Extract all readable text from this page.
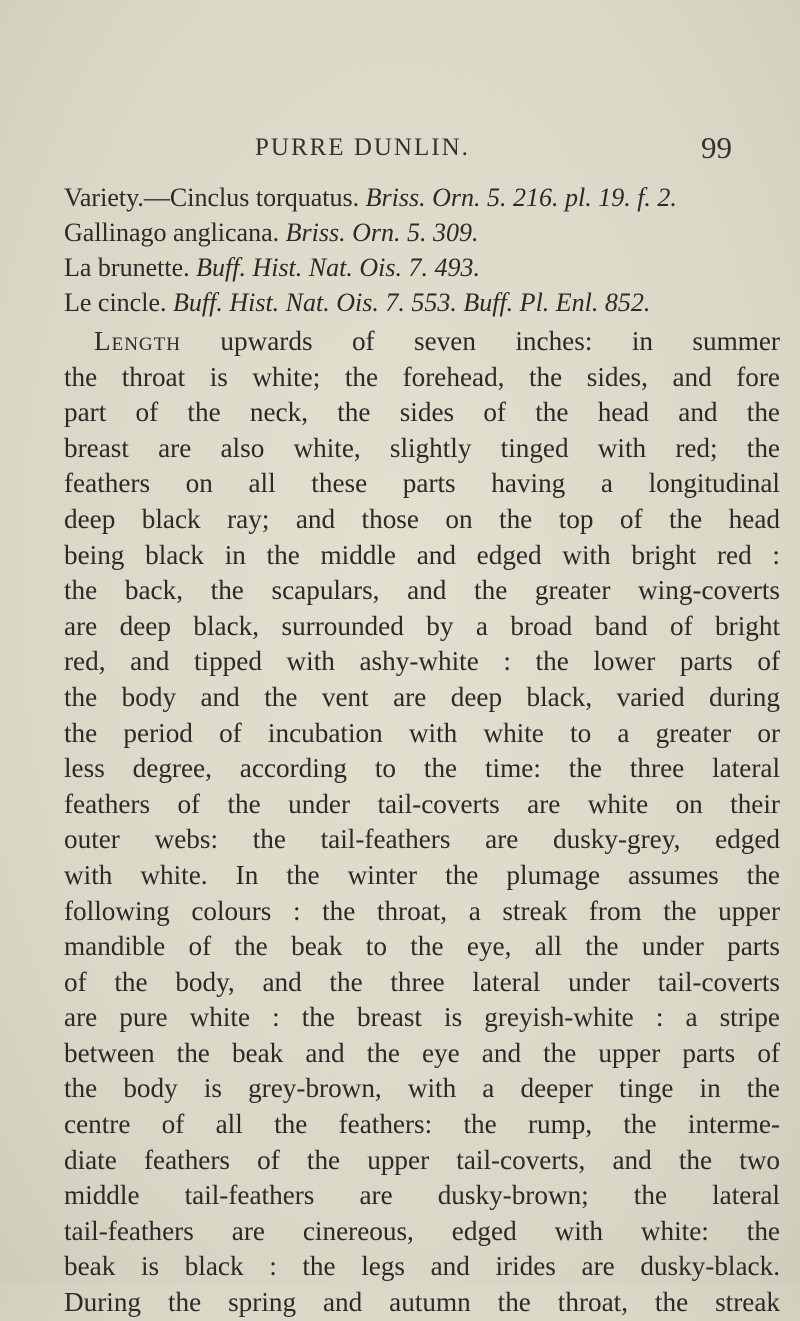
PURRE DUNLIN.	99
Variety.—Cinclus torquatus. Briss. Orn. 5. 216. pl. 19. f. 2.
Gallinago anglicana. Briss. Orn. 5. 309.
La brunette. Buff. Hist. Nat. Ois. 7. 493.
Le cincle. Buff. Hist. Nat. Ois. 7. 553. Buff. Pl. Enl. 852.
Length upwards of seven inches: in summer
the throat is white; the forehead, the sides, and fore
part of the neck, the sides of the head and the
breast are also white, slightly tinged with red; the
feathers on all these parts having a longitudinal
deep black ray; and those on the top of the head
being black in the middle and edged with bright red :
the back, the scapulars, and the greater wing-coverts
are deep black, surrounded by a broad band of bright
red, and tipped with ashy-white : the lower parts of
the body and the vent are deep black, varied during
the period of incubation with white to a greater or
less degree, according to the time: the three lateral
feathers of the under tail-coverts are white on their
outer webs: the tail-feathers are dusky-grey, edged
with white. In the winter the plumage assumes the
following colours : the throat, a streak from the upper
mandible of the beak to the eye, all the under parts
of the body, and the three lateral under tail-coverts
are pure white : the breast is greyish-white : a stripe
between the beak and the eye and the upper parts of
the body is grey-brown, with a deeper tinge in the
centre of all the feathers: the rump, the interme-
diate feathers of the upper tail-coverts, and the two
middle tail-feathers are dusky-brown; the lateral
tail-feathers are cinereous, edged with white: the
beak is black : the legs and irides are dusky-black.
During the spring and autumn the throat, the streak
